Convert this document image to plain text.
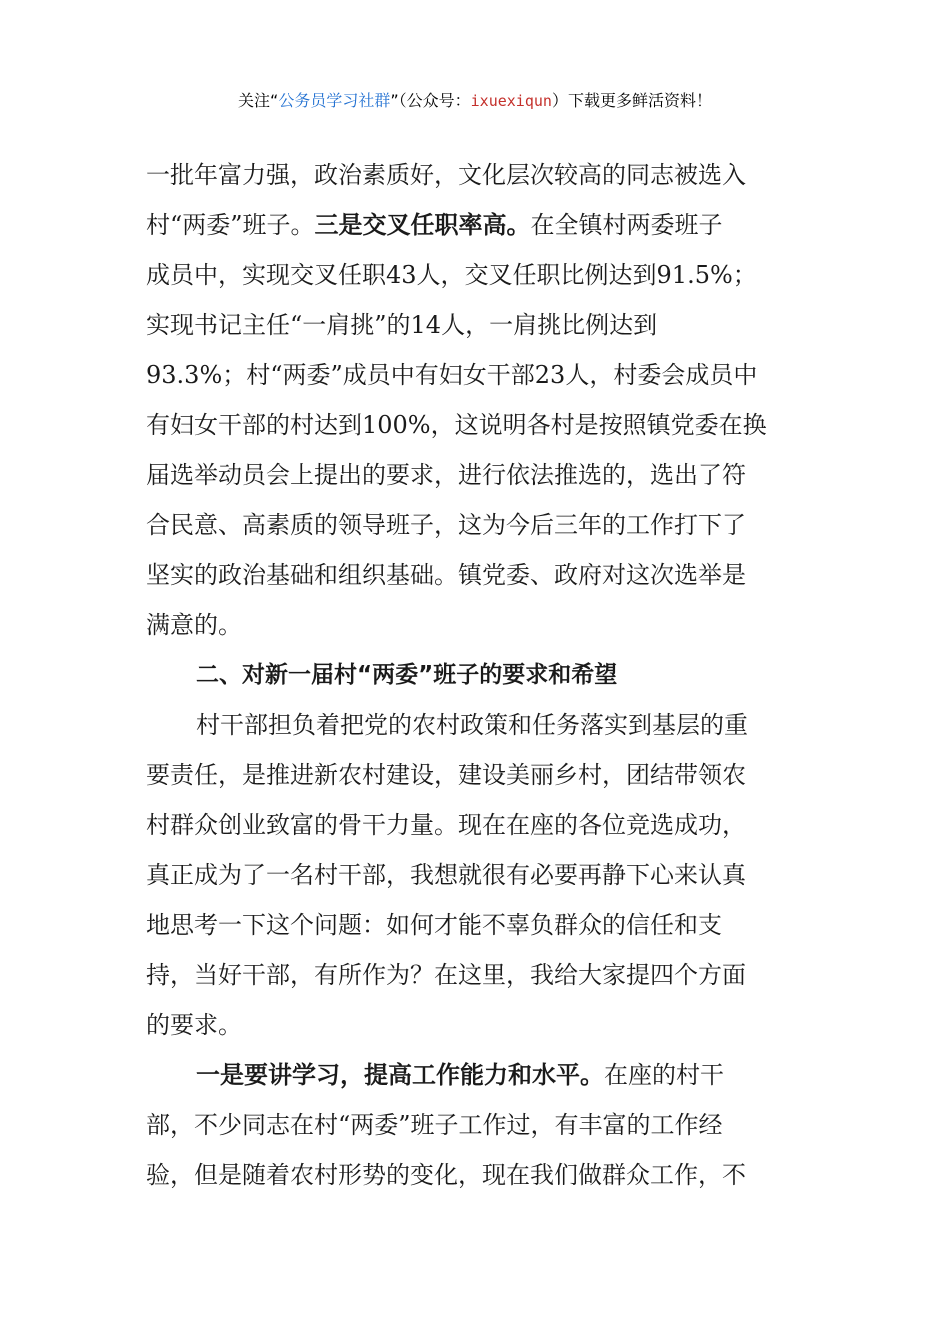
关注“公务员学习社群”（公众号：ixuexiqun）下载更多鲜活资料！
一批年富力强，政治素质好，文化层次较高的同志被选入
村“两委”班子。三是交叉任职率高。在全镇村两委班子
成员中，实现交叉任职43人，交叉任职比例达到91.5%；
实现书记主任“一肩挑”的14人，一肩挑比例达到
93.3%；村“两委”成员中有妇女干部23人，村委会成员中
有妇女干部的村达到100%，这说明各村是按照镇党委在换
届选举动员会上提出的要求，进行依法推选的，选出了符
合民意、高素质的领导班子，这为今后三年的工作打下了
坚实的政治基础和组织基础。镇党委、政府对这次选举是
满意的。
二、对新一届村“两委”班子的要求和希望
村干部担负着把党的农村政策和任务落实到基层的重
要责任，是推进新农村建设，建设美丽乡村，团结带领农
村群众创业致富的骨干力量。现在在座的各位竞选成功，
真正成为了一名村干部，我想就很有必要再静下心来认真
地思考一下这个问题：如何才能不辜负群众的信任和支
持，当好干部，有所作为？在这里，我给大家提四个方面
的要求。
一是要讲学习，提高工作能力和水平。在座的村干
部，不少同志在村“两委”班子工作过，有丰富的工作经
验，但是随着农村形势的变化，现在我们做群众工作，不
